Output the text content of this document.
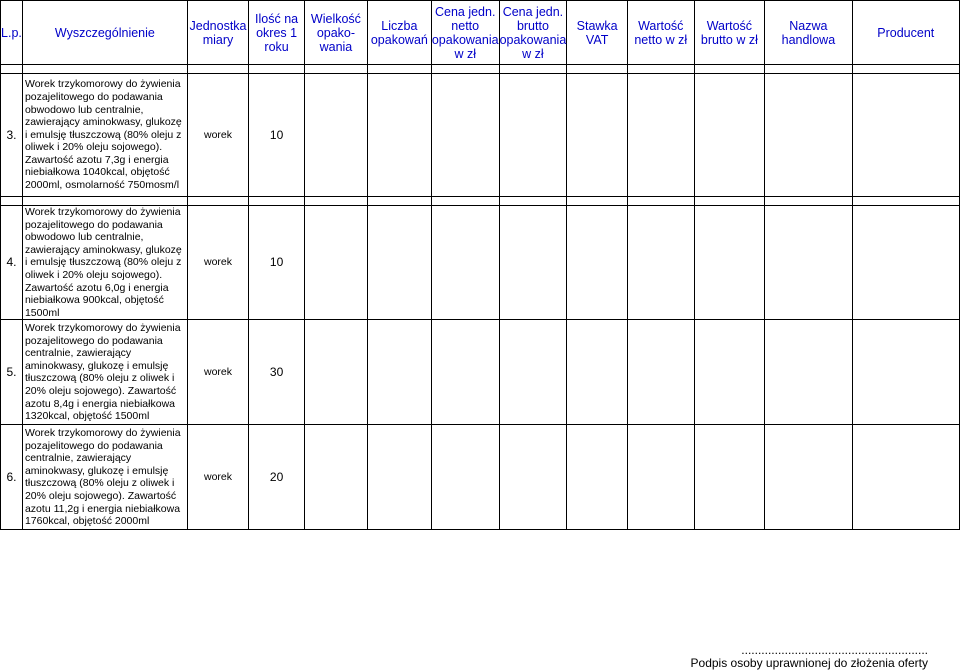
L.p.	Wyszczególnienie	Jednostka miary	Ilość na okres 1 roku	Wielkość opako-wania	Liczba opakowań	Cena jedn. netto opakowania w zł	Cena jedn. brutto opakowania w zł	Stawka VAT	Wartość netto w zł	Wartość brutto w zł	Nazwa handlowa	Producent

3.	Worek trzykomorowy do żywienia pozajelitowego do podawania obwodowo lub centralnie, zawierający aminokwasy, glukozę i emulsję tłuszczową (80% oleju z oliwek i 20% oleju sojowego). Zawartość azotu 7,3g i energia niebiałkowa 1040kcal, objętość 2000ml, osmolarność 750mosm/l	worek	10									

4.	Worek trzykomorowy do żywienia pozajelitowego do podawania obwodowo lub centralnie, zawierający aminokwasy, glukozę i emulsję tłuszczową (80% oleju z oliwek i 20% oleju sojowego). Zawartość azotu 6,0g i energia niebiałkowa 900kcal, objętość 1500ml	worek	10									
5.	Worek trzykomorowy do żywienia pozajelitowego do podawania centralnie, zawierający aminokwasy, glukozę i emulsję tłuszczową (80% oleju z oliwek i 20% oleju sojowego). Zawartość azotu 8,4g i energia niebiałkowa 1320kcal, objętość 1500ml	worek	30									
6.	Worek trzykomorowy do żywienia pozajelitowego do podawania centralnie, zawierający aminokwasy, glukozę i emulsję tłuszczową (80% oleju z oliwek i 20% oleju sojowego). Zawartość azotu 11,2g i energia niebiałkowa 1760kcal, objętość 2000ml	worek	20									
........................................................
Podpis osoby uprawnionej do złożenia oferty
